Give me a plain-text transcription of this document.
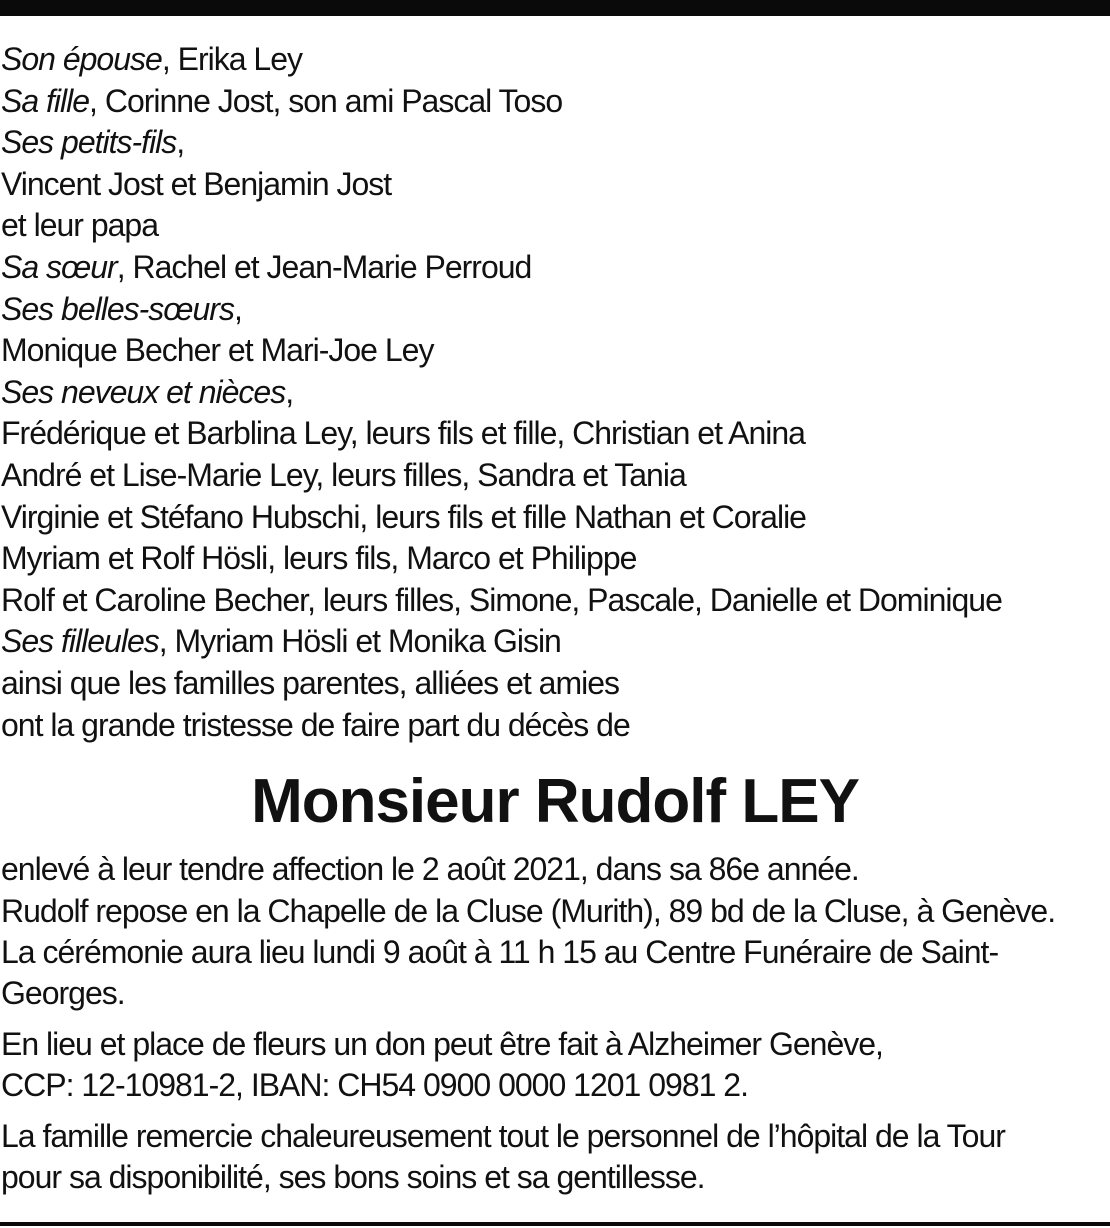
Son épouse, Erika Ley
Sa fille, Corinne Jost, son ami Pascal Toso
Ses petits-fils,
Vincent Jost et Benjamin Jost
et leur papa
Sa sœur, Rachel et Jean-Marie Perroud
Ses belles-sœurs,
Monique Becher et Mari-Joe Ley
Ses neveux et nièces,
Frédérique et Barblina Ley, leurs fils et fille, Christian et Anina
André et Lise-Marie Ley, leurs filles, Sandra et Tania
Virginie et Stéfano Hubschi, leurs fils et fille Nathan et Coralie
Myriam et Rolf Hösli, leurs fils, Marco et Philippe
Rolf et Caroline Becher, leurs filles, Simone, Pascale, Danielle et Dominique
Ses filleules, Myriam Hösli et Monika Gisin
ainsi que les familles parentes, alliées et amies
ont la grande tristesse de faire part du décès de
Monsieur Rudolf LEY
enlevé à leur tendre affection le 2 août 2021, dans sa 86e année.
Rudolf repose en la Chapelle de la Cluse (Murith), 89 bd de la Cluse, à Genève.
La cérémonie aura lieu lundi 9 août à 11 h 15 au Centre Funéraire de Saint-
Georges.
En lieu et place de fleurs un don peut être fait à Alzheimer Genève,
CCP: 12-10981-2, IBAN: CH54 0900 0000 1201 0981 2.
La famille remercie chaleureusement tout le personnel de l’hôpital de la Tour
pour sa disponibilité, ses bons soins et sa gentillesse.
